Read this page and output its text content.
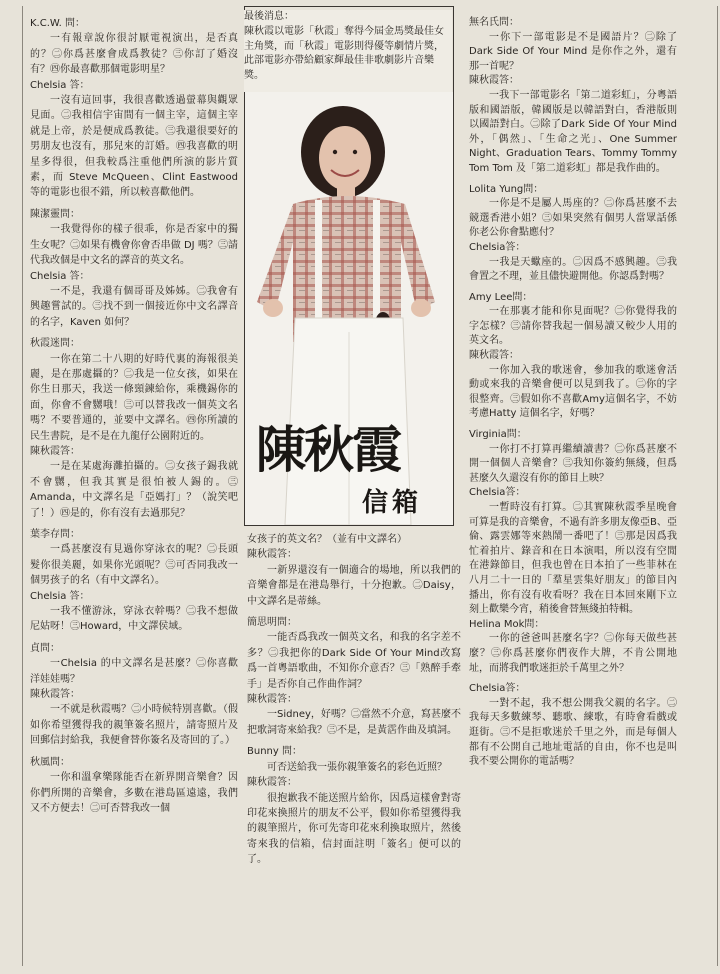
K.C.W. 問：

一有報章說你很討厭電視演出，是否真的？㊁你爲甚麼會成爲教徒？㊂你訂了婚沒有？㊃你最喜歡那個電影明星？

Chelsia 答：

一沒有這回事，我很喜歡透過螢幕與觀眾見面。㊁我相信宇宙間有一個主宰，這個主宰就是上帝，於是便成爲教徒。㊂我還很要好的男朋友也沒有，那兒來的訂婚。㊃我喜歡的明星多得很，但我較爲注重他們所演的影片質素，而 Steve McQueen、Clint Eastwood 等的電影也很不錯，所以較喜歡他們。

陳潔靈問：

一我覺得你的樣子很乖，你是否家中的獨生女呢？㊁如果有機會你會否串做 DJ 嗎？㊂請代我改個是中文名的譯音的英文名。

Chelsia 答：

一不是，我還有個哥哥及姊姊。㊁我會有興趣嘗試的。㊂找不到一個接近你中文名譯音的名字，Kaven 如何？

秋霞迷問：

一你在第二十八期的好時代裏的海報很美麗，是在那處攝的？㊁我是一位女孩，如果在你生日那天，我送一條頸鍊給你，乘機錫你的面，你會不會嬲哦！㊂可以替我改一個英文名嗎？不要普通的，並要中文譯名。㊃你所讀的民生書院，是不是在九龍仔公園附近的。

陳秋霞答：

一是在某處海灘拍攝的。㊁女孩子錫我就不會嬲，但我其實是很怕被人錫的。㊂Amanda，中文譯名是「亞媽打」？（說笑吧了！）㊃是的，你有沒有去過那兒？

葉李存問：

一爲甚麼沒有見過你穿泳衣的呢？㊁長頭髮你很美麗，如果你光頭呢？㊂可否同我改一個男孩子的名（有中文譯名）。

Chelsia 答：

一我不懂游泳，穿泳衣幹嗎？㊁我不想做尼姑呀！㊂Howard，中文譯侯域。

貞問：

一Chelsia 的中文譯名是甚麼？㊁你喜歡洋娃娃嗎？

陳秋霞答：

一不就是秋霞嗎？㊁小時候特別喜歡。（假如你希望獲得我的親筆簽名照片，請寄照片及回郵信封給我，我便會替你簽名及寄回的了。）

秋風問：

一你和溫拿樂隊能否在新界開音樂會？因你們所開的音樂會，多數在港島區遠遠，我們又不方便去！㊁可否替我改一個

最後消息：

陳秋霞以電影「秋霞」奪得今屆金馬獎最佳女主角獎，而「秋霞」電影則得優等劇情片獎，此部電影亦帶給顧家輝最佳非歌劇影片音樂獎。

陳秋霞
信箱

女孩子的英文名？（並有中文譯名）

陳秋霞答：

一新界還沒有一個適合的場地，所以我們的音樂會都是在港島舉行，十分抱歉。㊁Daisy，中文譯名是蒂絲。

簡思明問：

一能否爲我改一個英文名，和我的名字差不多？㊁我把你的Dark Side Of Your Mind改寫爲一首粵語歌曲，不知你介意否？㊂「熟醉手牽手」是否你自己作曲作詞？

陳秋霞答：

一Sidney，好嗎？㊁當然不介意，寫甚麼不把歌詞寄來給我？㊂不是，是黃霑作曲及填詞。

Bunny 問：

可否送給我一張你親筆簽名的彩色近照？

陳秋霞答：

很抱歉我不能送照片給你，因爲這樣會對寄印花來換照片的朋友不公平，假如你希望獲得我的親筆照片，你可先寄印花來利換取照片，然後寄來我的信箱，信封面註明「簽名」便可以的了。

無名氏問：

一你下一部電影是不是國語片？㊁除了Dark Side Of Your Mind 是你作之外，還有那一首呢？

陳秋霞答：

一我下一部電影名「第二道彩虹」，分粵語版和國語版，韓國版是以韓語對白，香港版則以國語對白。㊁除了Dark Side Of Your Mind 外，「偶然」、「生命之光」、One Summer Night、Graduation Tears、Tommy Tommy Tom Tom 及「第二道彩虹」都是我作曲的。

Lolita Yung問：

一你是不是屬人馬座的？㊁你爲甚麼不去競選香港小姐？㊂如果突然有個男人當眾話係你老公你會點應付？

Chelsia答：

一我是天蠍座的。㊁因爲不感興趣。㊂我會置之不理，並且儘快避開他。你認爲對嗎？

Amy Lee問：

一在那裏才能和你見面呢？㊁你覺得我的字怎樣？㊂請你替我起一個易讀又較少人用的英文名。

陳秋霞答：

一你加入我的歌迷會，參加我的歌迷會活動或來我的音樂會便可以見到我了。㊁你的字很整齊。㊂假如你不喜歡Amy這個名字，不妨考慮Hatty 這個名字，好嗎？

Virginia問：

一你打不打算再繼續讀書？㊁你爲甚麼不開一個個人音樂會？㊂我知你簽約無綫，但爲甚麼久久還沒有你的節目上映？

Chelsia答：

一暫時沒有打算。㊁其實陳秋霞季星晚會可算是我的音樂會，不過有許多朋友像亞B、亞倫、露雲娜等來熱鬧一番吧了！㊂那是因爲我忙着拍片、錄音和在日本演唱，所以沒有空閒在港錄節目，但我也曾在日本拍了一些菲林在八月二十一日的「羣星雲集好朋友」的節目內播出，你有沒有收看呀？我在日本回來剛下立刻上歡樂今宵，稍後會替無綫拍特輯。

Helina Mok問：

一你的爸爸叫甚麼名字？㊁你每天做些甚麼？㊂你爲甚麼你們夜作大牌，不肯公開地址，而將我們歌迷拒於千萬里之外？

Chelsia答：

一對不起，我不想公開我父親的名字。㊁我每天多數練琴、聽歌、練歌，有時會看戲或逛街。㊂不是拒歌迷於千里之外，而是每個人都有不公開自己地址電話的自由，你不也是叫我不要公開你的電話嗎？
